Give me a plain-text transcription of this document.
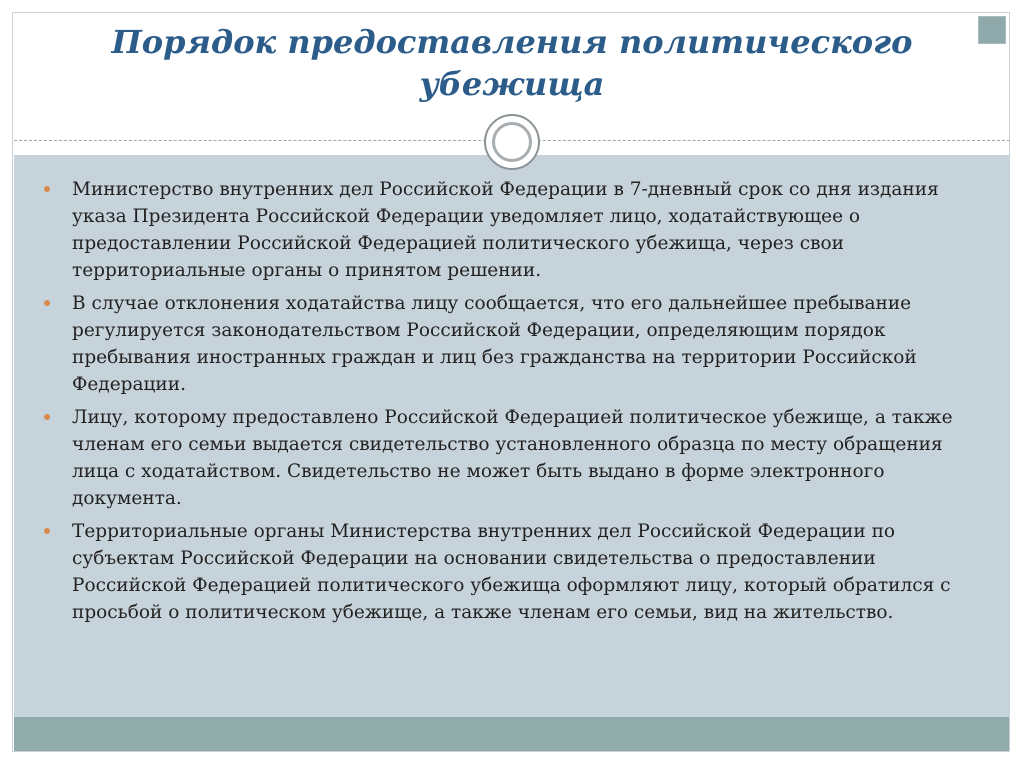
Порядок предоставления политического убежища
Министерство внутренних дел Российской Федерации в 7-дневный срок со дня издания указа Президента Российской Федерации уведомляет лицо, ходатайствующее о предоставлении Российской Федерацией политического убежища, через свои территориальные органы о принятом решении.
В случае отклонения ходатайства лицу сообщается, что его дальнейшее пребывание регулируется законодательством Российской Федерации, определяющим порядок пребывания иностранных граждан и лиц без гражданства на территории Российской Федерации.
Лицу, которому предоставлено Российской Федерацией политическое убежище, а также членам его семьи выдается свидетельство установленного образца по месту обращения лица с ходатайством. Свидетельство не может быть выдано в форме электронного документа.
Территориальные органы Министерства внутренних дел Российской Федерации по субъектам Российской Федерации на основании свидетельства о предоставлении Российской Федерацией политического убежища оформляют лицу, который обратился с просьбой о политическом убежище, а также членам его семьи, вид на жительство.
